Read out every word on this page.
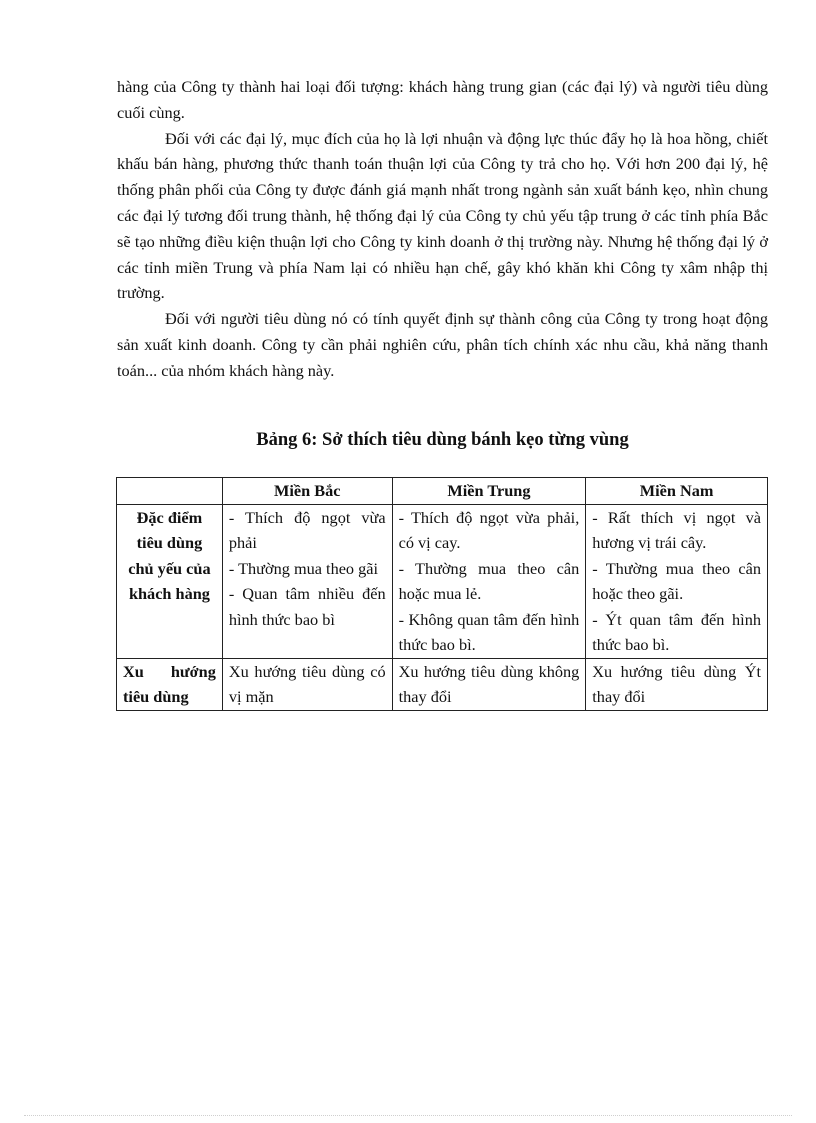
hàng của Công ty thành hai loại đối tượng: khách hàng trung gian (các đại lý) và người tiêu dùng cuối cùng.

Đối với các đại lý, mục đích của họ là lợi nhuận và động lực thúc đẩy họ là hoa hồng, chiết khấu bán hàng, phương thức thanh toán thuận lợi của Công ty trả cho họ. Với hơn 200 đại lý, hệ thống phân phối của Công ty được đánh giá mạnh nhất trong ngành sản xuất bánh kẹo, nhìn chung các đại lý tương đối trung thành, hệ thống đại lý của Công ty chủ yếu tập trung ở các tỉnh phía Bắc sẽ tạo những điều kiện thuận lợi cho Công ty kinh doanh ở thị trường này. Nhưng hệ thống đại lý ở các tỉnh miền Trung và phía Nam lại có nhiều hạn chế, gây khó khăn khi Công ty xâm nhập thị trường.

Đối với người tiêu dùng nó có tính quyết định sự thành công của Công ty trong hoạt động sản xuất kinh doanh. Công ty cần phải nghiên cứu, phân tích chính xác nhu cầu, khả năng thanh toán... của nhóm khách hàng này.

Bảng 6: Sở thích tiêu dùng bánh kẹo từng vùng
	Miền Bắc	Miền Trung	Miền Nam
Đặc điểm tiêu dùng chủ yếu của khách hàng	- Thích độ ngọt vừa phải
- Thường mua theo gãi
- Quan tâm nhiều đến hình thức bao bì	- Thích độ ngọt vừa phải, có vị cay.
- Thường mua theo cân hoặc mua lẻ.
- Không quan tâm đến hình thức bao bì.	- Rất thích vị ngọt và hương vị trái cây.
- Thường mua theo cân hoặc theo gãi.
- Ýt quan tâm đến hình thức bao bì.

Xu hướng tiêu dùng	Xu hướng tiêu dùng có vị mặn	Xu hướng tiêu dùng không thay đổi	Xu hướng tiêu dùng Ýt thay đổi
